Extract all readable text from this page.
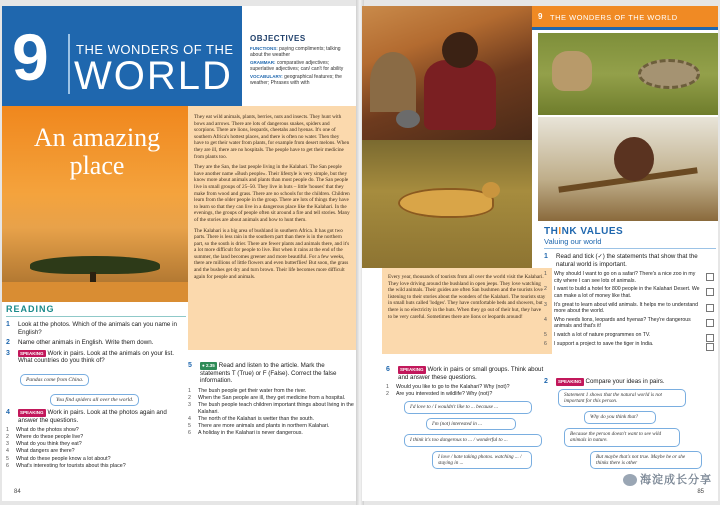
9 THE WONDERS OF THE
WORLD
OBJECTIVES
FUNCTIONS: paying compliments; talking about the weather
GRAMMAR: comparative adjectives; superlative adjectives; can/ can't for ability
VOCABULARY: geographical features; the weather; Phrases with with
An amazing place

They eat wild animals, plants, berries, nuts and insects. They hunt with bows and arrows. There are lots of dangerous snakes, spiders and scorpions. There are lions, leopards, cheetahs and hyenas. It's one of southern Africa's hottest places, and there is often no water. Then they have to get their water from plants, for example from desert melons. When they are ill, there are no hospitals. The people have to get their medicine from plants too.

They are the San, the last people living in the Kalahari. The San people have another name «Bush people». Their lifestyle is very simple, but they know more about animals and plants than most people do. The San people live in small groups of 25–50. They live in huts – little 'houses' that they make from wood and grass. There are no schools for the children. Children learn from the older people in the group. There are lots of things they have to learn so that they can live in a dangerous place like the Kalahari. In the evenings, the groups of people often sit around a fire and tell stories. Many of the stories are about animals and how to hunt them.

The Kalahari is a big area of bushland in southern Africa. It has got two parts. There is less rain in the southern part than there is in the northern part, so the south is drier. There are fewer plants and animals there, and it's a lot more difficult for people to live. But when it rains at the end of the summer, the land becomes greener and more beautiful. For a few weeks, there are millions of little flowers and even butterflies! But soon, the grass and the bushes get dry and turn brown. Their life becomes more difficult again for people and animals.

READING
1 Look at the photos. Which of the animals can you name in English?
2 Name other animals in English. Write them down.
3 SPEAKING Work in pairs. Look at the animals on your list. What countries do you think of?
Pandas come from China.
You find spiders all over the world.
4 SPEAKING Work in pairs. Look at the photos again and answer the questions.
1 What do the photos show?
2 Where do these people live?
3 What do you think they eat?
4 What dangers are there?
5 What do these people know a lot about?
6 What's interesting for tourists about this place?
5 ● 2.35 Read and listen to the article. Mark the statements T (True) or F (False). Correct the false information.
1 The bush people get their water from the river.
2 When the San people are ill, they get medicine from a hospital.
3 The bush people teach children important things about living in the Kalahari.
4 The north of the Kalahari is wetter than the south.
5 There are more animals and plants in northern Kalahari.
6 A holiday in the Kalahari is never dangerous.
84
9 THE WONDERS OF THE WORLD

Every year, thousands of tourists from all over the world visit the Kalahari. They love driving around the bushland in open jeeps. They love watching the wild animals. Their guides are often San bushmen and the tourists love listening to their stories about the wonders of the Kalahari. The tourists stay in small huts called 'lodges'. They have comfortable beds and showers, but there is no electricity in the huts. When they go out of their hut, they have to be very careful. Sometimes there are lions or leopards around!

THINK VALUES
Valuing our world
1 Read and tick (✓) the statements that show that the natural world is important.
1 Why should I want to go on a safari? There's a nice zoo in my city where I can see lots of animals.
2 I want to build a hotel for 800 people in the Kalahari Desert. We can make a lot of money like that.
3 It's great to learn about wild animals. It helps me to understand more about the world.
4 Who needs lions, leopards and hyenas? They're dangerous animals and that's it!
5 I watch a lot of nature programmes on TV.
6 I support a project to save the tiger in India.
6 SPEAKING Work in pairs or small groups. Think about and answer these questions.
1 Would you like to go to the Kalahari? Why (not)?
2 Are you interested in wildlife? Why (not)?
I'd love to / I wouldn't like to ... because ...
I'm (not) interested in ...
I think it's too dangerous to ... / wonderful to ...
I love / hate taking photos. watching ... / staying in ...
2 SPEAKING Compare your ideas in pairs.
Statement 1 shows that the natural world is not important for this person.
Why do you think that?
Because the person doesn't want to see wild animals in nature.
But maybe that's not true. Maybe he or she thinks there is other
海淀成长分享
85
